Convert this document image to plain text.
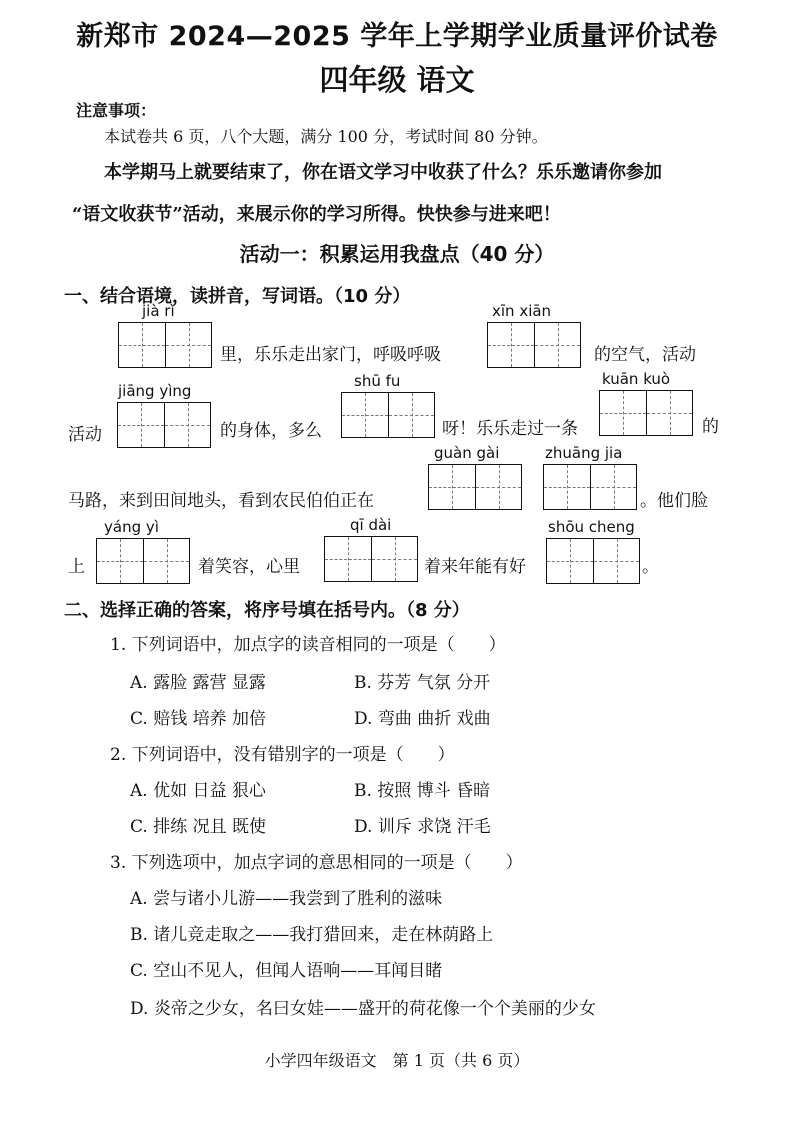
新郑市 2024—2025 学年上学期学业质量评价试卷
四年级 语文
注意事项：
本试卷共 6 页，八个大题，满分 100 分，考试时间 80 分钟。
本学期马上就要结束了，你在语文学习中收获了什么？乐乐邀请你参加
“语文收获节”活动，来展示你的学习所得。快快参与进来吧！
活动一：积累运用我盘点（40 分）
一、结合语境，读拼音，写词语。（10 分）
jià rì
里，乐乐走出家门，呼吸呼吸
xīn xiān
的空气，活动
活动
jiāng yìng
的身体，多么
shū fu
呀！乐乐走过一条
kuān kuò
的
马路，来到田间地头，看到农民伯伯正在
guàn gài	zhuāng jia
。他们脸
上
yáng yì
着笑容，心里
qī dài
着来年能有好
shōu cheng
。
二、选择正确的答案，将序号填在括号内。（8 分）
1. 下列词语中，加点字的读音相同的一项是（　　）
A. 露脸 露营 显露	B. 芬芳 气氛 分开
C. 赔钱 培养 加倍	D. 弯曲 曲折 戏曲
2. 下列词语中，没有错别字的一项是（　　）
A. 优如 日益 狠心	B. 按照 博斗 昏暗
C. 排练 况且 既使	D. 训斥 求饶 汗毛
3. 下列选项中，加点字词的意思相同的一项是（　　）
A. 尝与诸小儿游——我尝到了胜利的滋味
B. 诸儿竞走取之——我打猎回来，走在林荫路上
C. 空山不见人，但闻人语响——耳闻目睹
D. 炎帝之少女，名曰女娃——盛开的荷花像一个个美丽的少女
小学四年级语文　第 1 页（共 6 页）
